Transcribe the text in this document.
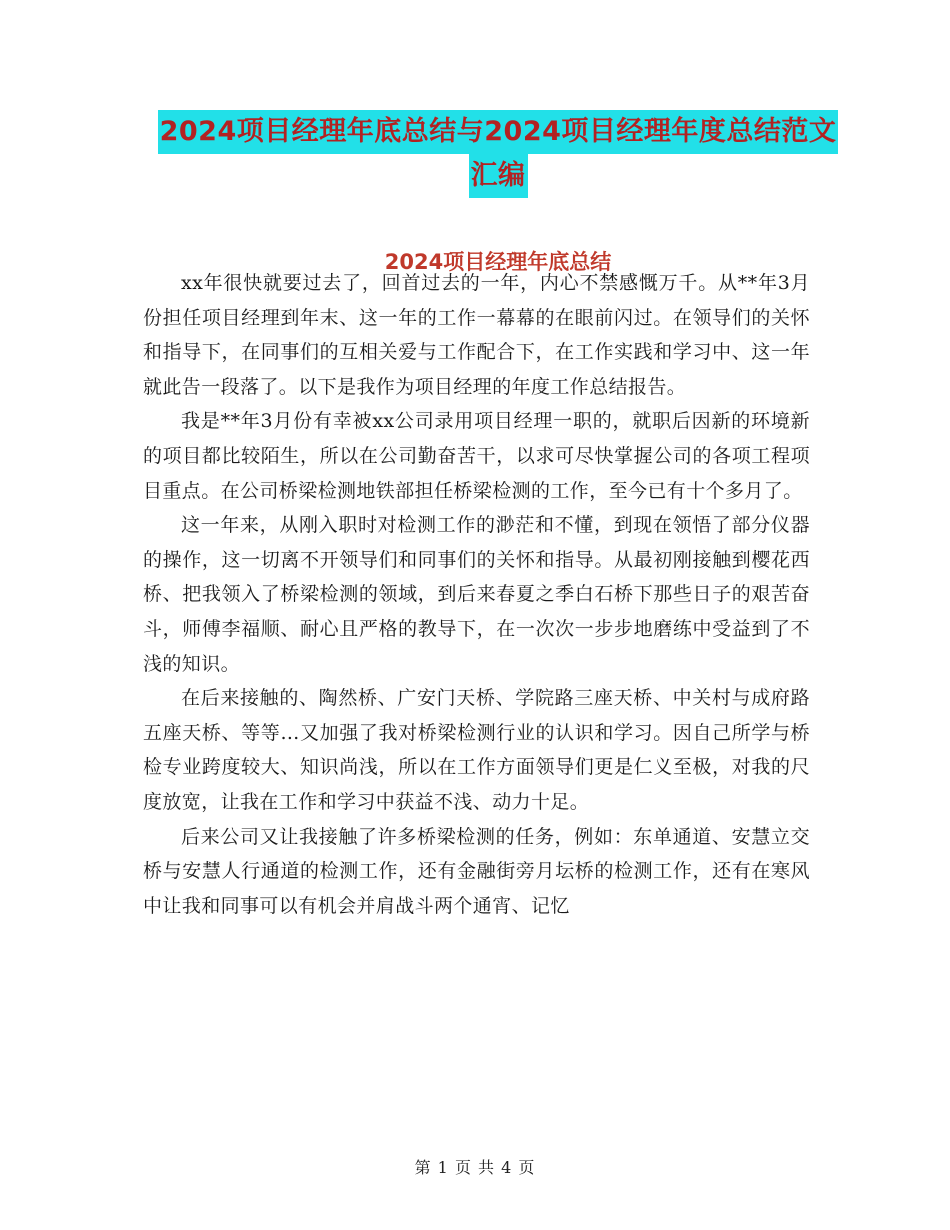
2024项目经理年底总结与2024项目经理年度总结范文
汇编
2024项目经理年底总结

xx年很快就要过去了，回首过去的一年，内心不禁感慨万千。从**年3月份担任项目经理到年末、这一年的工作一幕幕的在眼前闪过。在领导们的关怀和指导下，在同事们的互相关爱与工作配合下，在工作实践和学习中、这一年就此告一段落了。以下是我作为项目经理的年度工作总结报告。

我是**年3月份有幸被xx公司录用项目经理一职的，就职后因新的环境新的项目都比较陌生，所以在公司勤奋苦干，以求可尽快掌握公司的各项工程项目重点。在公司桥梁检测地铁部担任桥梁检测的工作，至今已有十个多月了。

这一年来，从刚入职时对检测工作的渺茫和不懂，到现在领悟了部分仪器的操作，这一切离不开领导们和同事们的关怀和指导。从最初刚接触到樱花西桥、把我领入了桥梁检测的领域，到后来春夏之季白石桥下那些日子的艰苦奋斗，师傅李福顺、耐心且严格的教导下，在一次次一步步地磨练中受益到了不浅的知识。

在后来接触的、陶然桥、广安门天桥、学院路三座天桥、中关村与成府路五座天桥、等等…又加强了我对桥梁检测行业的认识和学习。因自己所学与桥检专业跨度较大、知识尚浅，所以在工作方面领导们更是仁义至极，对我的尺度放宽，让我在工作和学习中获益不浅、动力十足。

后来公司又让我接触了许多桥梁检测的任务，例如：东单通道、安慧立交桥与安慧人行通道的检测工作，还有金融街旁月坛桥的检测工作，还有在寒风中让我和同事可以有机会并肩战斗两个通宵、记忆

第 1 页 共 4 页
